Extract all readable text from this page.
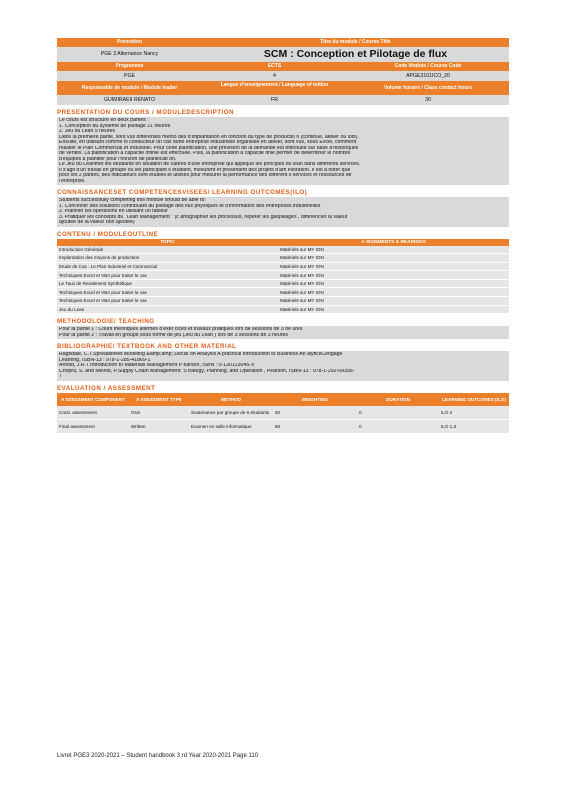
Promotion	Titre du module / Course Title
PGE 3 Alternance Nancy	SCM : Conception et Pilotage de flux
Programme	ECTS	Code Module / Course Code
PGE	4	APGE3101ICO_20
Responsable de module / Module leader	Langue d'enseignement / Language of tuition	Volume horaire / Class contact hours
GUIMIRAEII RENATO	FR	30
PRESENTATION DU COURS / MODULEDESCRIPTION
Le cours est structuré en deux parties :
1. Conception du système de pilotage 21 heures
2. Jeu du Lean 9 heures
Dans la première partie, sont vus différentes métho des d'implantation en fonction du type de productio n (continue, atelier ou lots).
Ensuite, en utilisant comme fil conducteur un cas dune entreprise industrielle organisée en atelier, sont vus, sous Excel, comment
réaliser le Plan Commercial et Industriel. Pour cette planification, une prévision de la demande est effectuée sur base d'historiques
de ventes. La planification à capacité infinie est effectuée. Puis, la planification à capacité finie permet de déterminer le nombre
d'équipes à planifier pour l'horizon de planificati on.
Le Jeu du Leanmet les étudiants en situation de cadres d'une entreprise qui applique les principes du lean dans différents services.
Il s'agit d'un travail en groupe où les participant s étudient, mesurent et présentent des projets d'am élioration. Il est à noter que
pour les 2 parties, des indicateurs sont étudiés et utilisés pour mesurer la performance des différent s services et ressources de
l'entreprise.
CONNAISSANCESET COMPETENCESVISEES/ LEARNING OUTCOMES(ILO)
Students successfully completing this module should be able to:
1. Concevoir des solutions contribuant au pilotage des flux physiques et d'information des entreprises industrielles
2. Planifier les opérations en utilisant un tableur
3. Pratiquer les concepts du "Lean Management " (c artographier les processus, repérer les gaspillages , différencier la valeur
ajoutée de la valeur non ajoutée)
CONTENU / MODULEOUTLINE
TOPIC	A SIGNMENTS & READINGS
Introduction Générale	Matériels sur MY ION
Implantation des moyens de production	Matériels sur MY ION
Etude de Cas : Le Plan Industriel et Commercial	Matériels sur MY ION
Techniques Excel et VBA pour traiter le cas	Matériels sur MY ION
Le Taux de Rendement Synthétique	Matériels sur MY ION
Techniques Excel et VBA pour traiter le cas	Matériels sur MY ION
Techniques Excel et VBA pour traiter le cas	Matériels sur MY ION
Jeu du Lean	Matériels sur MY ION
METHODOLOGIE/ TEACHING
Pour la partie 1 : Cours théoriques alternés d'exer cices et travaux pratiques lors de sessions de 3 he ures
Pour la partie 2 : Travail en groupe sous forme de jeu (Jeu du Lean ) lors de 3 sessions de 3 heures
BIBLIOGRAPHIE/ TEXTBOOK AND OTHER MATERIAL
Ragsdale, C.T.Spreadsheet Modeling &amp;amp; Decisi on Analysis A practical Introduction to Business An alyticsCengage
Learning, ISBN-13 : 978-1-285-41869-1
Arnold, J.R.T.Introduction to Materials Management P earson, ISBN : 0-130123045-X
Chopra, S. and Meindl, P.Supply Chain Management: S trategy, Planning, and Operation , Pearson, ISBN-13 : 978-1-292-09356-
7
EVALUATION / ASSESSMENT
A SSESSMENT COMPONENT	A SSESSMENT TYPE	METHOD	WEIGHTING	DURATION	LEARNING OUTCOMES (ILO)
Conti. assessment	Oral	Soutenance par groupe de 6 étudiants	40	0	ILO 2
Final assessment	Written	Examen en salle informatique	60	0	ILO 1,3
Livret PGE3 2020-2021 – Student handbook 3 rd Year 2020-2021 Page 110
